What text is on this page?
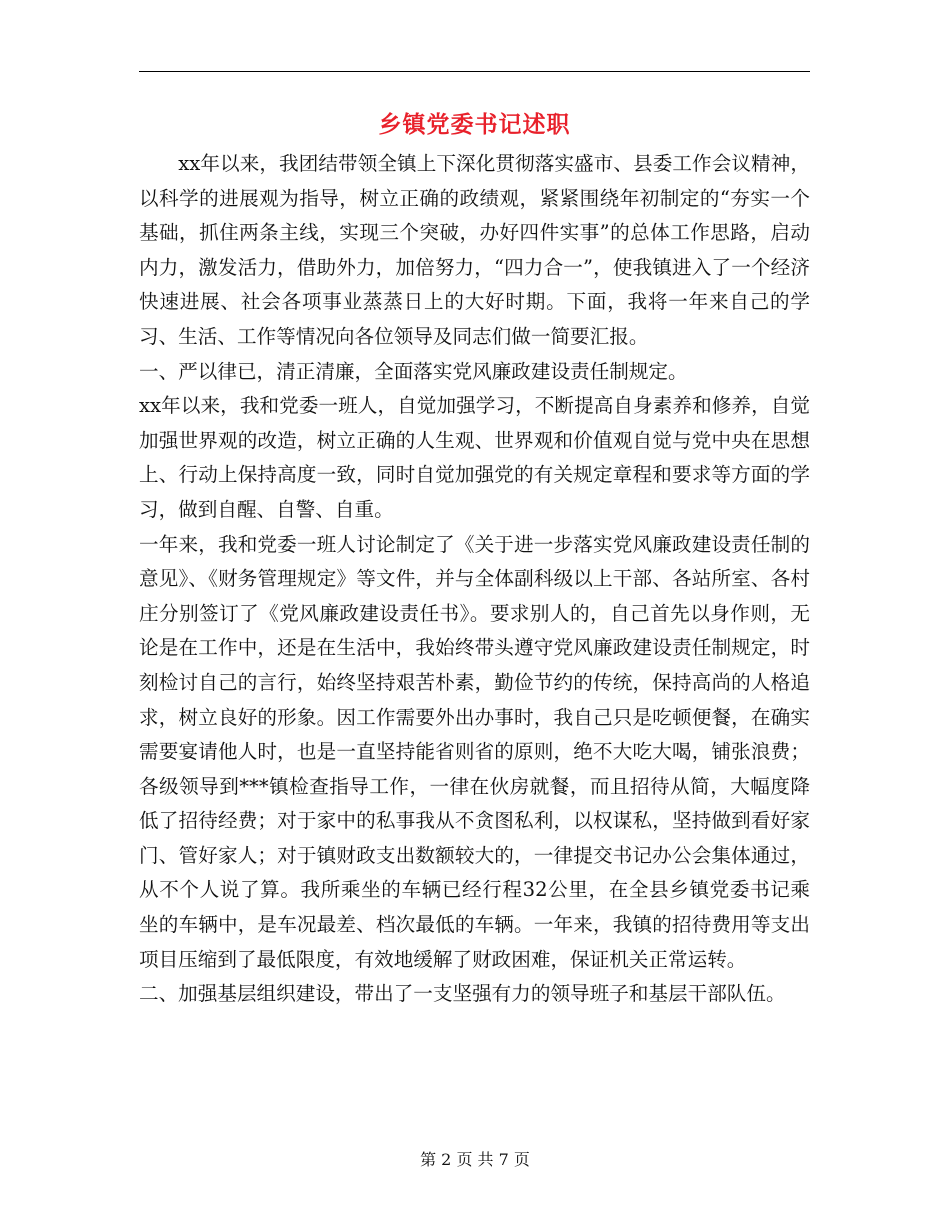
乡镇党委书记述职

xx年以来，我团结带领全镇上下深化贯彻落实盛市、县委工作会议精神，以科学的进展观为指导，树立正确的政绩观，紧紧围绕年初制定的“夯实一个基础，抓住两条主线，实现三个突破，办好四件实事”的总体工作思路，启动内力，激发活力，借助外力，加倍努力，“四力合一”，使我镇进入了一个经济快速进展、社会各项事业蒸蒸日上的大好时期。下面，我将一年来自己的学习、生活、工作等情况向各位领导及同志们做一简要汇报。

一、严以律已，清正清廉，全面落实党风廉政建设责任制规定。

xx年以来，我和党委一班人，自觉加强学习，不断提高自身素养和修养，自觉加强世界观的改造，树立正确的人生观、世界观和价值观自觉与党中央在思想上、行动上保持高度一致，同时自觉加强党的有关规定章程和要求等方面的学习，做到自醒、自警、自重。

一年来，我和党委一班人讨论制定了《关于进一步落实党风廉政建设责任制的意见》、《财务管理规定》等文件，并与全体副科级以上干部、各站所室、各村庄分别签订了《党风廉政建设责任书》。要求别人的，自己首先以身作则，无论是在工作中，还是在生活中，我始终带头遵守党风廉政建设责任制规定，时刻检讨自己的言行，始终坚持艰苦朴素，勤俭节约的传统，保持高尚的人格追求，树立良好的形象。因工作需要外出办事时，我自己只是吃顿便餐，在确实需要宴请他人时，也是一直坚持能省则省的原则，绝不大吃大喝，铺张浪费；各级领导到***镇检查指导工作，一律在伙房就餐，而且招待从简，大幅度降低了招待经费；对于家中的私事我从不贪图私利，以权谋私，坚持做到看好家门、管好家人；对于镇财政支出数额较大的，一律提交书记办公会集体通过，从不个人说了算。我所乘坐的车辆已经行程32公里，在全县乡镇党委书记乘坐的车辆中，是车况最差、档次最低的车辆。一年来，我镇的招待费用等支出项目压缩到了最低限度，有效地缓解了财政困难，保证机关正常运转。

二、加强基层组织建设，带出了一支坚强有力的领导班子和基层干部队伍。

第 2 页 共 7 页
